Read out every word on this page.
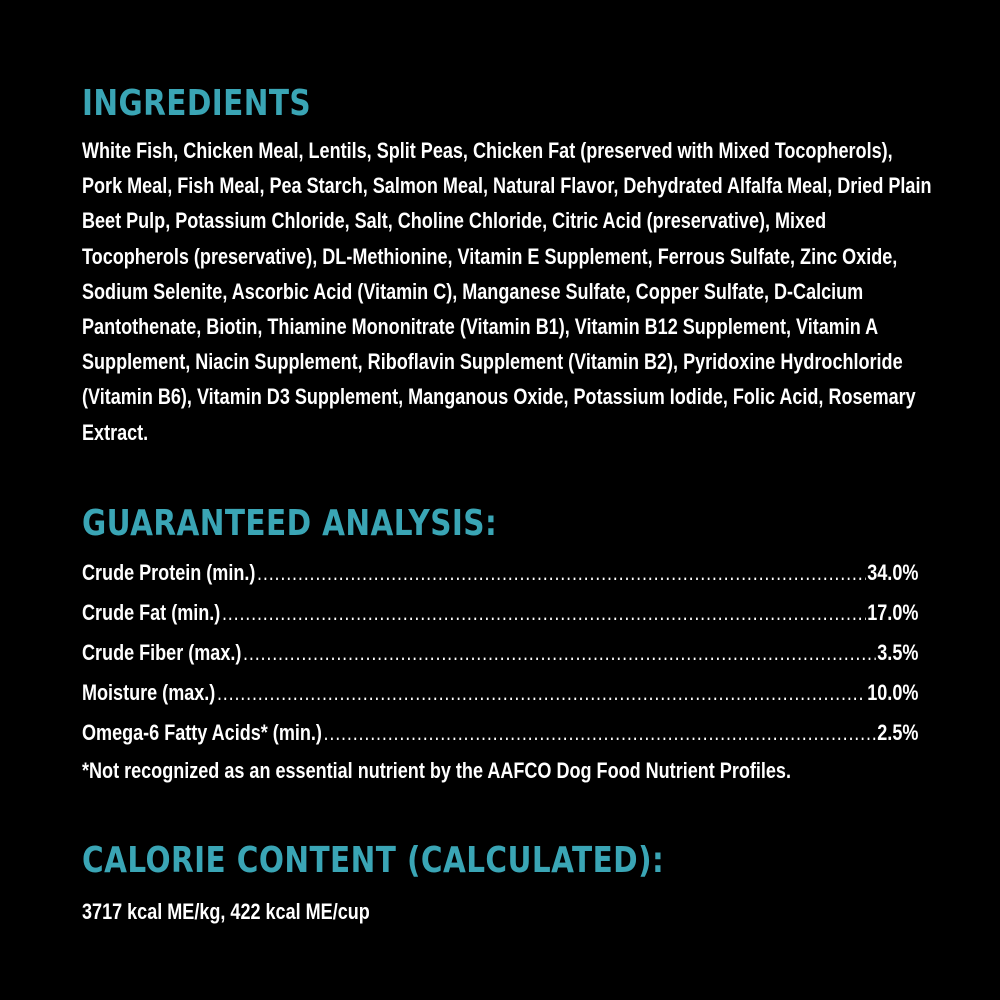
INGREDIENTS

White Fish, Chicken Meal, Lentils, Split Peas, Chicken Fat (preserved with Mixed Tocopherols), Pork Meal, Fish Meal, Pea Starch, Salmon Meal, Natural Flavor, Dehydrated Alfalfa Meal, Dried Plain Beet Pulp, Potassium Chloride, Salt, Choline Chloride, Citric Acid (preservative), Mixed Tocopherols (preservative), DL-Methionine, Vitamin E Supplement, Ferrous Sulfate, Zinc Oxide, Sodium Selenite, Ascorbic Acid (Vitamin C), Manganese Sulfate, Copper Sulfate, D-Calcium Pantothenate, Biotin, Thiamine Mononitrate (Vitamin B1), Vitamin B12 Supplement, Vitamin A Supplement, Niacin Supplement, Riboflavin Supplement (Vitamin B2), Pyridoxine Hydrochloride (Vitamin B6), Vitamin D3 Supplement, Manganous Oxide, Potassium Iodide, Folic Acid, Rosemary Extract.

GUARANTEED ANALYSIS:
Crude Protein (min.) .....	34.0%
Crude Fat (min.) .....	17.0%
Crude Fiber (max.) .....	3.5%
Moisture (max.) .....	10.0%
Omega-6 Fatty Acids* (min.) .....	2.5%

*Not recognized as an essential nutrient by the AAFCO Dog Food Nutrient Profiles.

CALORIE CONTENT (CALCULATED):

3717 kcal ME/kg, 422 kcal ME/cup
